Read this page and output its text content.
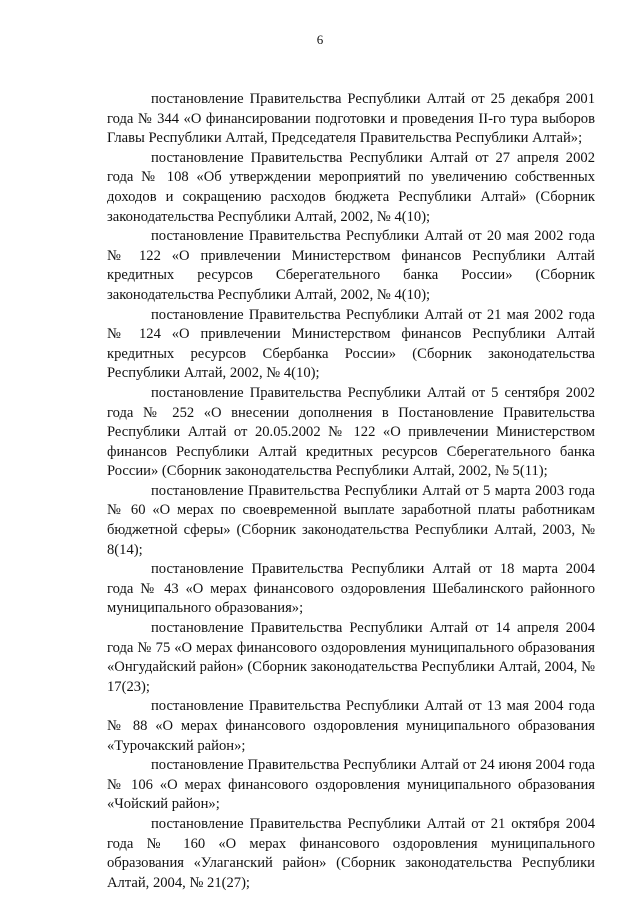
6

постановление Правительства Республики Алтай от 25 декабря 2001 года № 344 «О финансировании подготовки и проведения II-го тура выборов Главы Республики Алтай, Председателя Правительства Республики Алтай»;

постановление Правительства Республики Алтай от 27 апреля 2002 года № 108 «Об утверждении мероприятий по увеличению собственных доходов и сокращению расходов бюджета Республики Алтай» (Сборник законодательства Республики Алтай, 2002, № 4(10);

постановление Правительства Республики Алтай от 20 мая 2002 года № 122 «О привлечении Министерством финансов Республики Алтай кредитных ресурсов Сберегательного банка России» (Сборник законодательства Республики Алтай, 2002, № 4(10);

постановление Правительства Республики Алтай от 21 мая 2002 года № 124 «О привлечении Министерством финансов Республики Алтай кредитных ресурсов Сбербанка России» (Сборник законодательства Республики Алтай, 2002, № 4(10);

постановление Правительства Республики Алтай от 5 сентября 2002 года № 252 «О внесении дополнения в Постановление Правительства Республики Алтай от 20.05.2002 № 122 «О привлечении Министерством финансов Республики Алтай кредитных ресурсов Сберегательного банка России» (Сборник законодательства Республики Алтай, 2002, № 5(11);

постановление Правительства Республики Алтай от 5 марта 2003 года № 60 «О мерах по своевременной выплате заработной платы работникам бюджетной сферы» (Сборник законодательства Республики Алтай, 2003, № 8(14);

постановление Правительства Республики Алтай от 18 марта 2004 года № 43 «О мерах финансового оздоровления Шебалинского районного муниципального образования»;

постановление Правительства Республики Алтай от 14 апреля 2004 года № 75 «О мерах финансового оздоровления муниципального образования «Онгудайский район» (Сборник законодательства Республики Алтай, 2004, № 17(23);

постановление Правительства Республики Алтай от 13 мая 2004 года № 88 «О мерах финансового оздоровления муниципального образования «Турочакский район»;

постановление Правительства Республики Алтай от 24 июня 2004 года № 106 «О мерах финансового оздоровления муниципального образования «Чойский район»;

постановление Правительства Республики Алтай от 21 октября 2004 года № 160 «О мерах финансового оздоровления муниципального образования «Улаганский район» (Сборник законодательства Республики Алтай, 2004, № 21(27);
